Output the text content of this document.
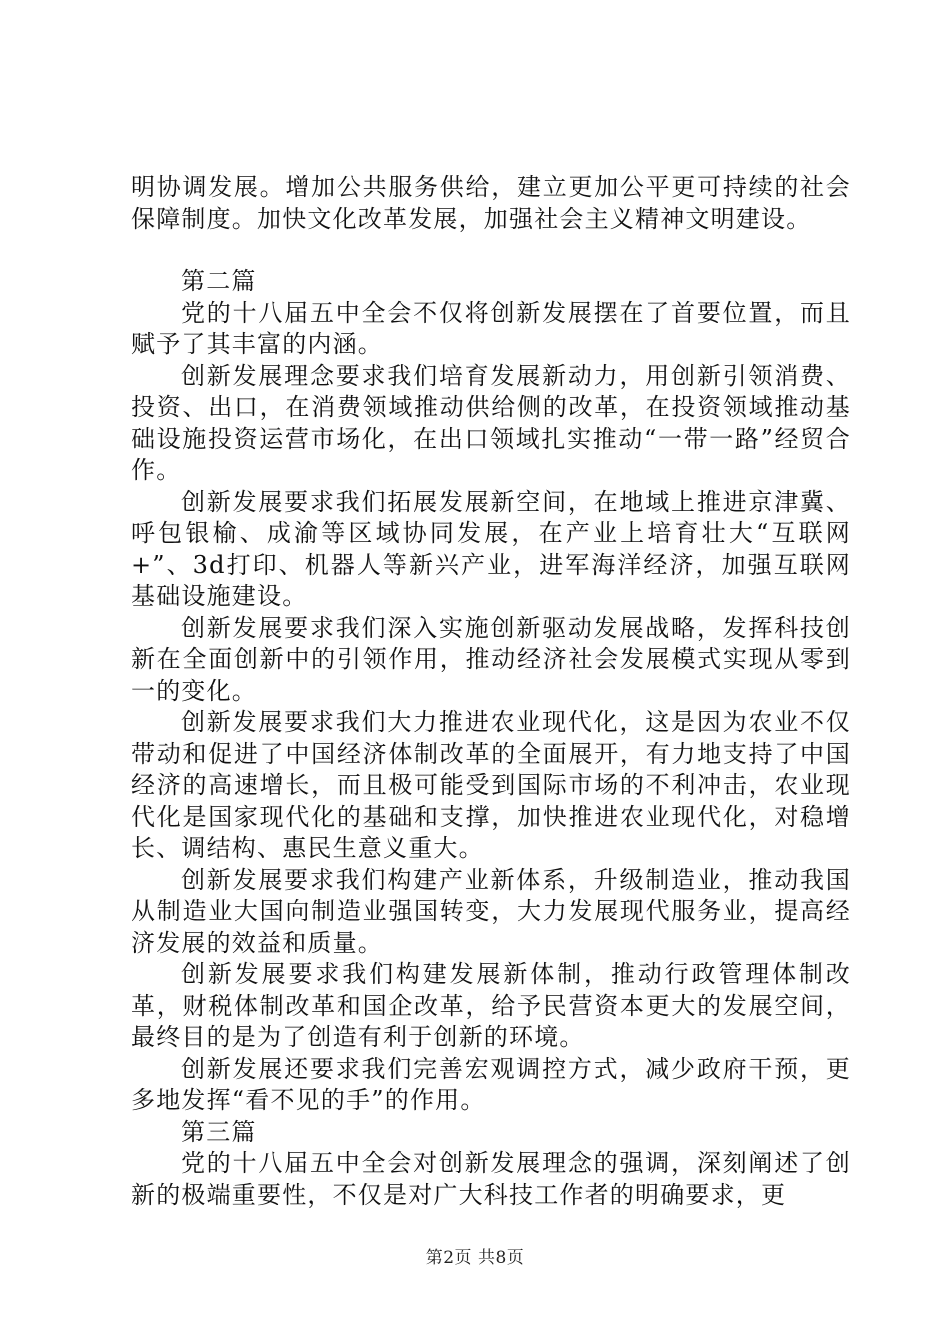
明协调发展。增加公共服务供给，建立更加公平更可持续的社会保障制度。加快文化改革发展，加强社会主义精神文明建设。

第二篇

党的十八届五中全会不仅将创新发展摆在了首要位置，而且赋予了其丰富的内涵。

创新发展理念要求我们培育发展新动力，用创新引领消费、投资、出口，在消费领域推动供给侧的改革，在投资领域推动基础设施投资运营市场化，在出口领域扎实推动“一带一路”经贸合作。

创新发展要求我们拓展发展新空间，在地域上推进京津冀、呼包银榆、成渝等区域协同发展，在产业上培育壮大“互联网+”、3d打印、机器人等新兴产业，进军海洋经济，加强互联网基础设施建设。

创新发展要求我们深入实施创新驱动发展战略，发挥科技创新在全面创新中的引领作用，推动经济社会发展模式实现从零到一的变化。

创新发展要求我们大力推进农业现代化，这是因为农业不仅带动和促进了中国经济体制改革的全面展开，有力地支持了中国经济的高速增长，而且极可能受到国际市场的不利冲击，农业现代化是国家现代化的基础和支撑，加快推进农业现代化，对稳增长、调结构、惠民生意义重大。

创新发展要求我们构建产业新体系，升级制造业，推动我国从制造业大国向制造业强国转变，大力发展现代服务业，提高经济发展的效益和质量。

创新发展要求我们构建发展新体制，推动行政管理体制改革，财税体制改革和国企改革，给予民营资本更大的发展空间，最终目的是为了创造有利于创新的环境。

创新发展还要求我们完善宏观调控方式，减少政府干预，更多地发挥“看不见的手”的作用。

第三篇

党的十八届五中全会对创新发展理念的强调，深刻阐述了创新的极端重要性，不仅是对广大科技工作者的明确要求，更

第2页 共8页
